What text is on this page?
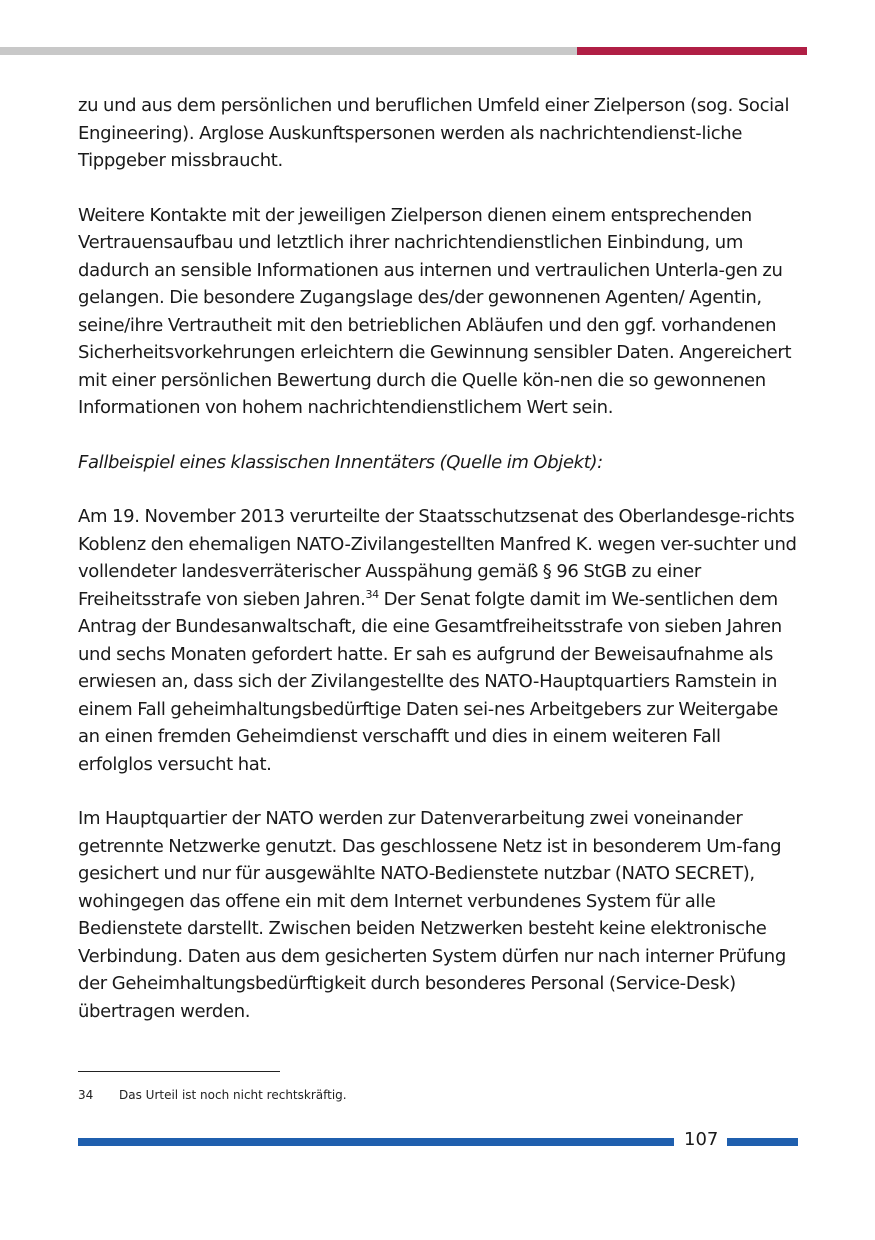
zu und aus dem persönlichen und beruflichen Umfeld einer Zielperson (sog. Social Engineering). Arglose Auskunftspersonen werden als nachrichtendienst-liche Tippgeber missbraucht.

Weitere Kontakte mit der jeweiligen Zielperson dienen einem entsprechenden Vertrauensaufbau und letztlich ihrer nachrichtendienstlichen Einbindung, um dadurch an sensible Informationen aus internen und vertraulichen Unterla-gen zu gelangen. Die besondere Zugangslage des/der gewonnenen Agenten/ Agentin, seine/ihre Vertrautheit mit den betrieblichen Abläufen und den ggf. vorhandenen Sicherheitsvorkehrungen erleichtern die Gewinnung sensibler Daten. Angereichert mit einer persönlichen Bewertung durch die Quelle kön-nen die so gewonnenen Informationen von hohem nachrichtendienstlichem Wert sein.

Fallbeispiel eines klassischen Innentäters (Quelle im Objekt):

Am 19. November 2013 verurteilte der Staatsschutzsenat des Oberlandesge-richts Koblenz den ehemaligen NATO-Zivilangestellten Manfred K. wegen ver-suchter und vollendeter landesverräterischer Ausspähung gemäß § 96 StGB zu einer Freiheitsstrafe von sieben Jahren.$^{34}$ Der Senat folgte damit im We-sentlichen dem Antrag der Bundesanwaltschaft, die eine Gesamtfreiheitsstrafe von sieben Jahren und sechs Monaten gefordert hatte. Er sah es aufgrund der Beweisaufnahme als erwiesen an, dass sich der Zivilangestellte des NATO-Hauptquartiers Ramstein in einem Fall geheimhaltungsbedürftige Daten sei-nes Arbeitgebers zur Weitergabe an einen fremden Geheimdienst verschafft und dies in einem weiteren Fall erfolglos versucht hat.

Im Hauptquartier der NATO werden zur Datenverarbeitung zwei voneinander getrennte Netzwerke genutzt. Das geschlossene Netz ist in besonderem Um-fang gesichert und nur für ausgewählte NATO-Bedienstete nutzbar (NATO SECRET), wohingegen das offene ein mit dem Internet verbundenes System für alle Bedienstete darstellt. Zwischen beiden Netzwerken besteht keine elektronische Verbindung. Daten aus dem gesicherten System dürfen nur nach interner Prüfung der Geheimhaltungsbedürftigkeit durch besonderes Personal (Service-Desk) übertragen werden.

34 Das Urteil ist noch nicht rechtskräftig.
107
